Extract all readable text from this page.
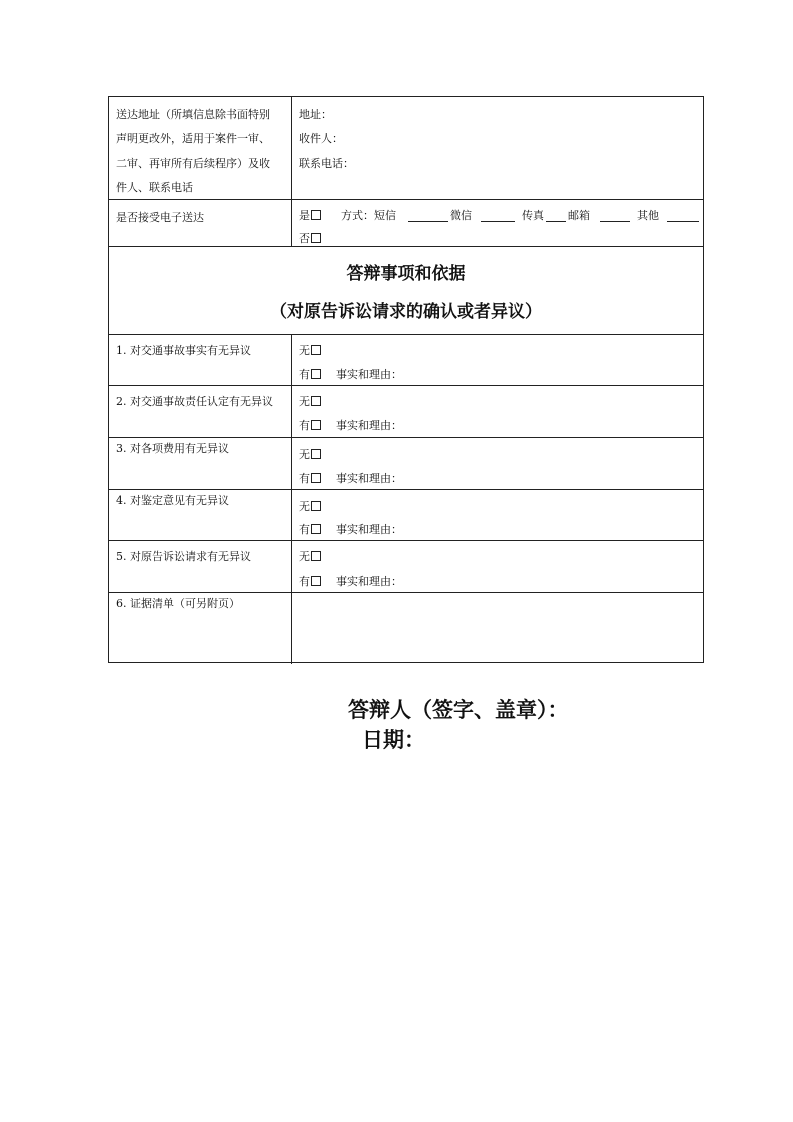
送达地址（所填信息除书面特别
声明更改外，适用于案件一审、
二审、再审所有后续程序）及收
件人、联系电话
地址：
收件人：
联系电话：
是否接受电子送达	是	方式：短信	微信	传真 邮箱	其他
否
答辩事项和依据
（对原告诉讼请求的确认或者异议）
1. 对交通事故事实有无异议	无
有	事实和理由：
2. 对交通事故责任认定有无异议 无
有	事实和理由：
3. 对各项费用有无异议	无
有	事实和理由：
4. 对鉴定意见有无异议	无
有	事实和理由：
5. 对原告诉讼请求有无异议	无
有	事实和理由：
6. 证据清单（可另附页）
答辩人（签字、盖章）：
日期：
